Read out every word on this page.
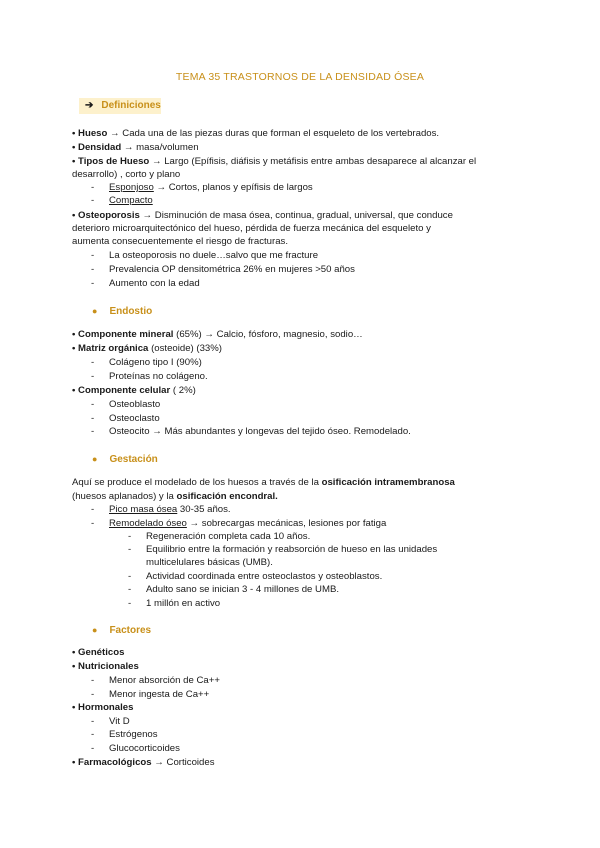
TEMA 35 TRASTORNOS DE LA DENSIDAD ÓSEA
➔ Definiciones
• Hueso → Cada una de las piezas duras que forman el esqueleto de los vertebrados.
• Densidad → masa/volumen
• Tipos de Hueso → Largo (Epífisis, diáfisis y metáfisis entre ambas desaparece al alcanzar el
desarrollo) , corto y plano
- Esponjoso → Cortos, planos y epífisis de largos
- Compacto
• Osteoporosis → Disminución de masa ósea, continua, gradual, universal, que conduce
deterioro microarquitectónico del hueso, pérdida de fuerza mecánica del esqueleto y
aumenta consecuentemente el riesgo de fracturas.
- La osteoporosis no duele…salvo que me fracture
- Prevalencia OP densitométrica 26% en mujeres >50 años
- Aumento con la edad
● Endostio
• Componente mineral (65%) → Calcio, fósforo, magnesio, sodio…
• Matriz orgánica (osteoide) (33%)
- Colágeno tipo I (90%)
- Proteínas no colágeno.
• Componente celular ( 2%)
- Osteoblasto
- Osteoclasto
- Osteocito → Más abundantes y longevas del tejido óseo. Remodelado.
● Gestación
Aquí se produce el modelado de los huesos a través de la osificación intramembranosa
(huesos aplanados) y la osificación encondral.
- Pico masa ósea 30-35 años.
- Remodelado óseo → sobrecargas mecánicas, lesiones por fatiga
- Regeneración completa cada 10 años.
- Equilibrio entre la formación y reabsorción de hueso en las unidades
multicelulares básicas (UMB).
- Actividad coordinada entre osteoclastos y osteoblastos.
- Adulto sano se inician 3 - 4 millones de UMB.
- 1 millón en activo
● Factores
• Genéticos
• Nutricionales
- Menor absorción de Ca++
- Menor ingesta de Ca++
• Hormonales
- Vit D
- Estrógenos
- Glucocorticoides
• Farmacológicos → Corticoides
